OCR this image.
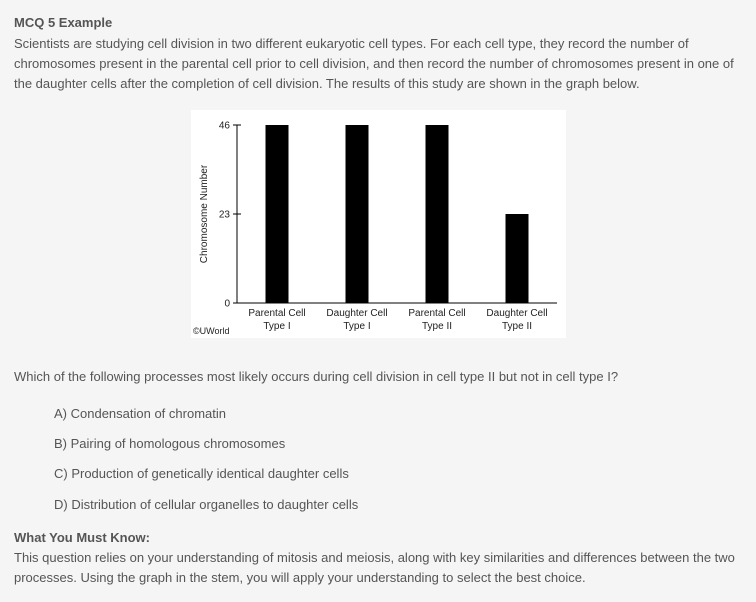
MCQ 5 Example
Scientists are studying cell division in two different eukaryotic cell types. For each cell type, they record the number of chromosomes present in the parental cell prior to cell division, and then record the number of chromosomes present in one of the daughter cells after the completion of cell division. The results of this study are shown in the graph below.
0
23
46
Chromosome Number
Parental Cell
Type I
Daughter Cell
Type I
Parental Cell
Type II
Daughter Cell
Type II
©UWorld
Which of the following processes most likely occurs during cell division in cell type II but not in cell type I?
A) Condensation of chromatin
B) Pairing of homologous chromosomes
C) Production of genetically identical daughter cells
D) Distribution of cellular organelles to daughter cells
What You Must Know:
This question relies on your understanding of mitosis and meiosis, along with key similarities and differences between the two processes. Using the graph in the stem, you will apply your understanding to select the best choice.
